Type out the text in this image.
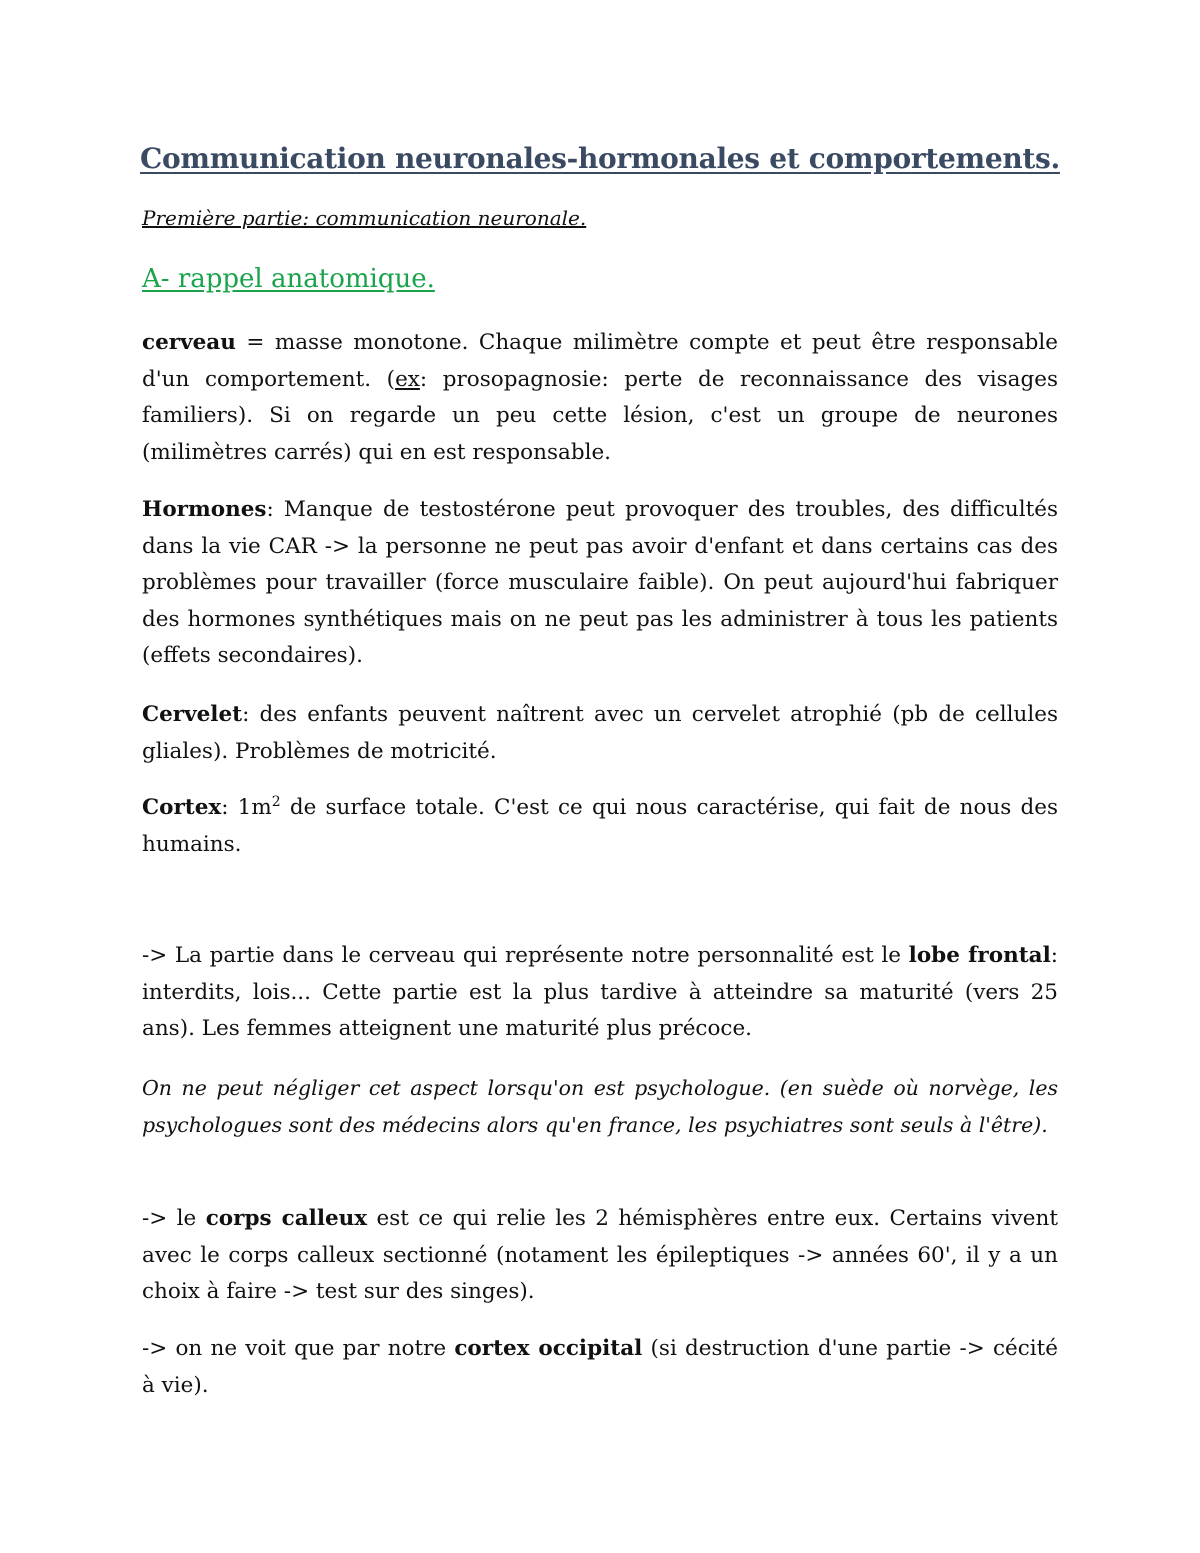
Communication neuronales-hormonales et comportements.
Première partie: communication neuronale.
A- rappel anatomique.

cerveau = masse monotone. Chaque milimètre compte et peut être responsable d'un comportement. (ex: prosopagnosie: perte de reconnaissance des visages familiers). Si on regarde un peu cette lésion, c'est un groupe de neurones (milimètres carrés) qui en est responsable.

Hormones: Manque de testostérone peut provoquer des troubles, des difficultés dans la vie CAR -> la personne ne peut pas avoir d'enfant et dans certains cas des problèmes pour travailler (force musculaire faible). On peut aujourd'hui fabriquer des hormones synthétiques mais on ne peut pas les administrer à tous les patients (effets secondaires).

Cervelet: des enfants peuvent naîtrent avec un cervelet atrophié (pb de cellules gliales). Problèmes de motricité.

Cortex: $1m^2$ de surface totale. C'est ce qui nous caractérise, qui fait de nous des humains.

-> La partie dans le cerveau qui représente notre personnalité est le lobe frontal: interdits, lois... Cette partie est la plus tardive à atteindre sa maturité (vers 25 ans). Les femmes atteignent une maturité plus précoce.

On ne peut négliger cet aspect lorsqu'on est psychologue. (en suède où norvège, les psychologues sont des médecins alors qu'en france, les psychiatres sont seuls à l'être).

-> le corps calleux est ce qui relie les 2 hémisphères entre eux. Certains vivent avec le corps calleux sectionné (notament les épileptiques -> années 60', il y a un choix à faire -> test sur des singes).

-> on ne voit que par notre cortex occipital (si destruction d'une partie -> cécité à vie).
